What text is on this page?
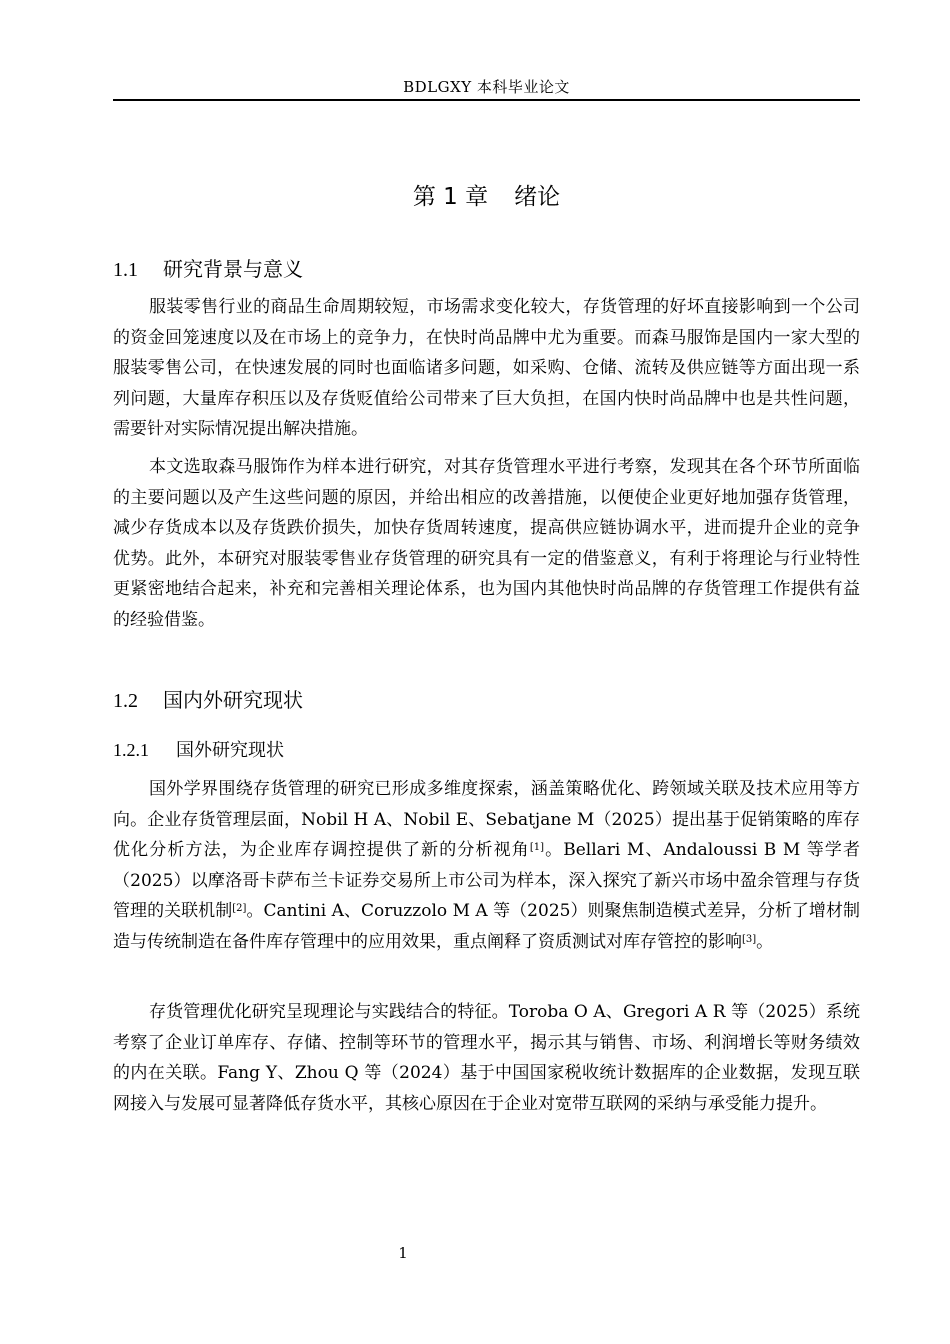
BDLGXY 本科毕业论文
第 1 章 绪论
1.1 研究背景与意义

服装零售行业的商品生命周期较短，市场需求变化较大，存货管理的好坏直接影响到一个公司的资金回笼速度以及在市场上的竞争力，在快时尚品牌中尤为重要。而森马服饰是国内一家大型的服装零售公司，在快速发展的同时也面临诸多问题，如采购、仓储、流转及供应链等方面出现一系列问题，大量库存积压以及存货贬值给公司带来了巨大负担，在国内快时尚品牌中也是共性问题，需要针对实际情况提出解决措施。

本文选取森马服饰作为样本进行研究，对其存货管理水平进行考察，发现其在各个环节所面临的主要问题以及产生这些问题的原因，并给出相应的改善措施，以便使企业更好地加强存货管理，减少存货成本以及存货跌价损失，加快存货周转速度，提高供应链协调水平，进而提升企业的竞争优势。此外，本研究对服装零售业存货管理的研究具有一定的借鉴意义，有利于将理论与行业特性更紧密地结合起来，补充和完善相关理论体系，也为国内其他快时尚品牌的存货管理工作提供有益的经验借鉴。

1.2 国内外研究现状
1.2.1 国外研究现状

国外学界围绕存货管理的研究已形成多维度探索，涵盖策略优化、跨领域关联及技术应用等方向。企业存货管理层面，Nobil H A、Nobil E、Sebatjane M（2025）提出基于促销策略的库存优化分析方法，为企业库存调控提供了新的分析视角[1]。Bellari M、Andaloussi B M 等学者（2025）以摩洛哥卡萨布兰卡证券交易所上市公司为样本，深入探究了新兴市场中盈余管理与存货管理的关联机制[2]。Cantini A、Coruzzolo M A 等（2025）则聚焦制造模式差异，分析了增材制造与传统制造在备件库存管理中的应用效果，重点阐释了资质测试对库存管控的影响[3]。

存货管理优化研究呈现理论与实践结合的特征。Toroba O A、Gregori A R 等（2025）系统考察了企业订单库存、存储、控制等环节的管理水平，揭示其与销售、市场、利润增长等财务绩效的内在关联。Fang Y、Zhou Q 等（2024）基于中国国家税收统计数据库的企业数据，发现互联网接入与发展可显著降低存货水平，其核心原因在于企业对宽带互联网的采纳与承受能力提升。

1
